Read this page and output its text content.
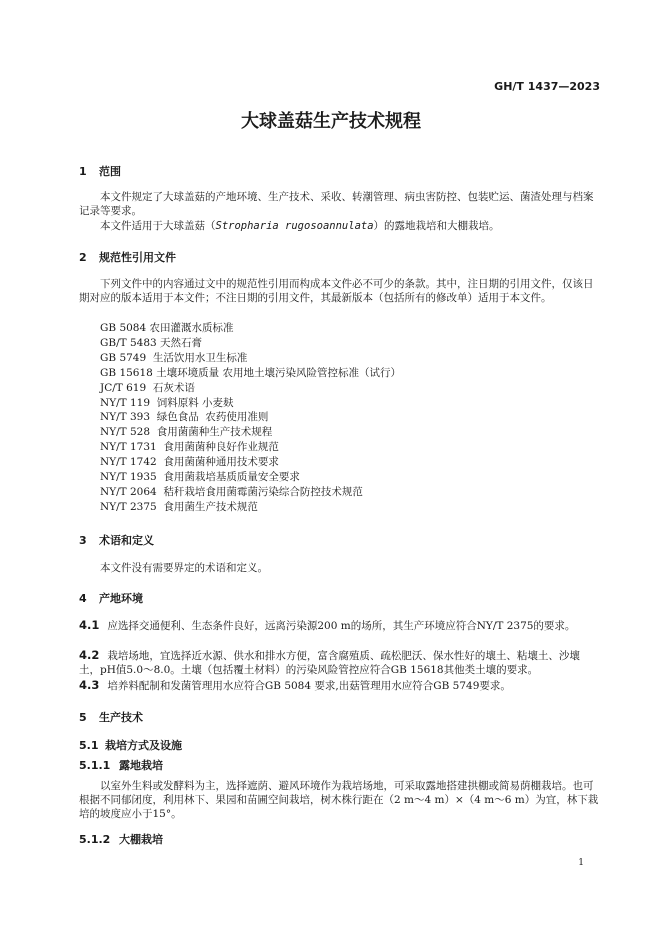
GH/T 1437—2023
大球盖菇生产技术规程
1 范围

本文件规定了大球盖菇的产地环境、生产技术、采收、转潮管理、病虫害防控、包装贮运、菌渣处理与档案记录等要求。

本文件适用于大球盖菇（Stropharia rugosoannulata）的露地栽培和大棚栽培。

2 规范性引用文件

下列文件中的内容通过文中的规范性引用而构成本文件必不可少的条款。其中，注日期的引用文件，仅该日期对应的版本适用于本文件；不注日期的引用文件，其最新版本（包括所有的修改单）适用于本文件。

GB 5084 农田灌溉水质标准
GB/T 5483 天然石膏
GB 5749  生活饮用水卫生标准
GB 15618 土壤环境质量 农用地土壤污染风险管控标准（试行）
JC/T 619  石灰术语
NY/T 119  饲料原料 小麦麸
NY/T 393  绿色食品  农药使用准则
NY/T 528  食用菌菌种生产技术规程
NY/T 1731  食用菌菌种良好作业规范
NY/T 1742  食用菌菌种通用技术要求
NY/T 1935  食用菌栽培基质质量安全要求
NY/T 2064  秸秆栽培食用菌霉菌污染综合防控技术规范
NY/T 2375  食用菌生产技术规范
3 术语和定义

本文件没有需要界定的术语和定义。

4 产地环境

4.1 应选择交通便利、生态条件良好，远离污染源200 m的场所，其生产环境应符合NY/T 2375的要求。

4.2 栽培场地，宜选择近水源、供水和排水方便，富含腐殖质、疏松肥沃、保水性好的壤土、粘壤土、沙壤土，pH值5.0～8.0。土壤（包括覆土材料）的污染风险管控应符合GB 15618其他类土壤的要求。

4.3 培养料配制和发菌管理用水应符合GB 5084 要求,出菇管理用水应符合GB 5749要求。

5 生产技术
5.1 栽培方式及设施
5.1.1 露地栽培

以室外生料或发酵料为主，选择遮荫、避风环境作为栽培场地，可采取露地搭建拱棚或简易荫棚栽培。也可根据不同郁闭度，利用林下、果园和苗圃空间栽培，树木株行距在（2 m～4 m）×（4 m～6 m）为宜，林下栽培的坡度应小于15°。

5.1.2 大棚栽培
1
